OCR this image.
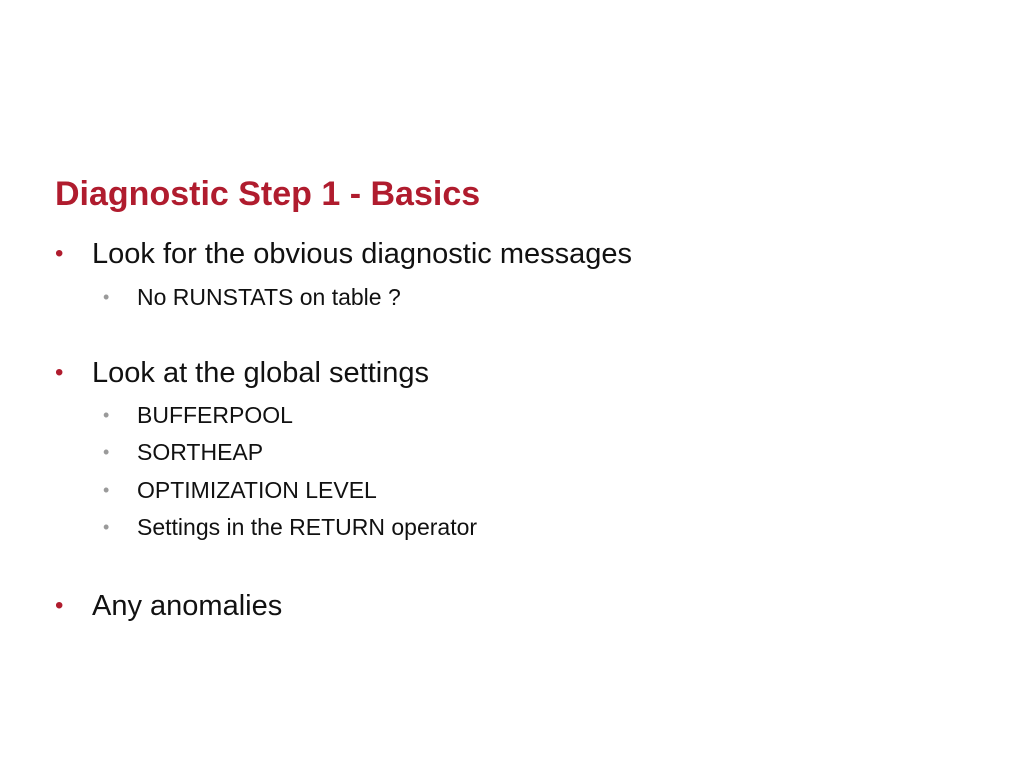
Diagnostic Step 1 - Basics
• Look for the obvious diagnostic messages
• No RUNSTATS on table ?
• Look at the global settings
• BUFFERPOOL
• SORTHEAP
• OPTIMIZATION LEVEL
• Settings in the RETURN operator
• Any anomalies
